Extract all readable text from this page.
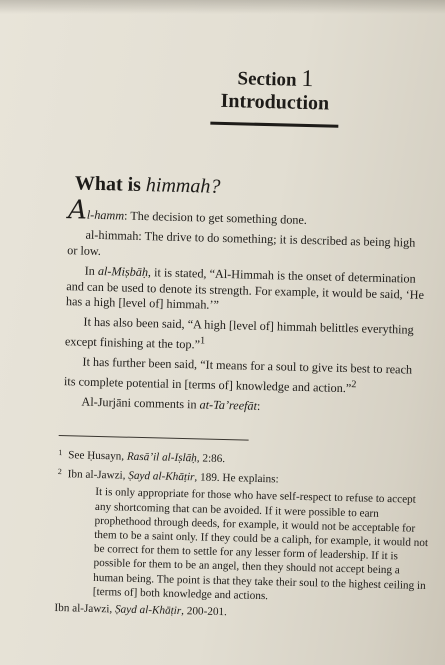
Section 1
Introduction
What is himmah?

Al-hamm: The decision to get something done.

al-himmah: The drive to do something; it is described as being high or low.

In al-Miṣbāḥ, it is stated, “Al-Himmah is the onset of determination and can be used to denote its strength. For example, it would be said, ‘He has a high [level of] himmah.’”

It has also been said, “A high [level of] himmah belittles everything except finishing at the top.”$^1$

It has further been said, “It means for a soul to give its best to reach its complete potential in [terms of] knowledge and action.”$^2$

Al-Jurjāni comments in at-Ta’reefāt:

$^1$ See Ḥusayn, Rasā’il al-Iṣlāḥ, 2:86.

$^2$ Ibn al-Jawzi, Ṣayd al-Khāṭir, 189. He explains:

It is only appropriate for those who have self-respect to refuse to accept any shortcoming that can be avoided. If it were possible to earn prophethood through deeds, for example, it would not be acceptable for them to be a saint only. If they could be a caliph, for example, it would not be correct for them to settle for any lesser form of leadership. If it is possible for them to be an angel, then they should not accept being a human being. The point is that they take their soul to the highest ceiling in [terms of] both knowledge and actions.

Ibn al-Jawzi, Ṣayd al-Khāṭir, 200-201.
